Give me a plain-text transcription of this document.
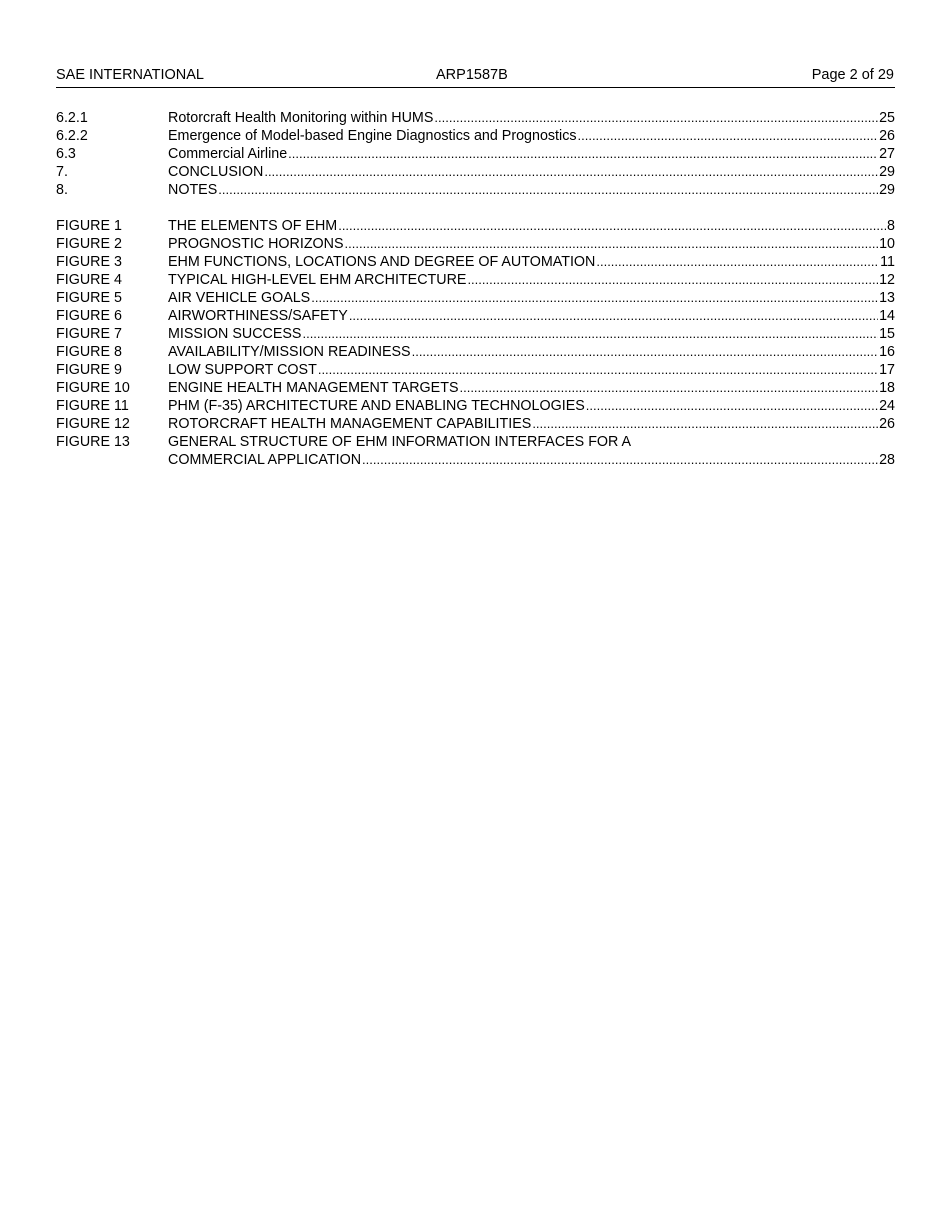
SAE INTERNATIONAL	ARP1587B	Page 2 of 29
6.2.1	Rotorcraft Health Monitoring within HUMS .....	25
6.2.2	Emergence of Model-based Engine Diagnostics and Prognostics .....	26
6.3	Commercial Airline .....	27
7.	CONCLUSION .....	29
8.	NOTES .....	29
FIGURE 1	THE ELEMENTS OF EHM .....	8
FIGURE 2	PROGNOSTIC HORIZONS .....	10
FIGURE 3	EHM FUNCTIONS, LOCATIONS AND DEGREE OF AUTOMATION .....	11
FIGURE 4	TYPICAL HIGH-LEVEL EHM ARCHITECTURE .....	12
FIGURE 5	AIR VEHICLE GOALS .....	13
FIGURE 6	AIRWORTHINESS/SAFETY .....	14
FIGURE 7	MISSION SUCCESS .....	15
FIGURE 8	AVAILABILITY/MISSION READINESS .....	16
FIGURE 9	LOW SUPPORT COST .....	17
FIGURE 10	ENGINE HEALTH MANAGEMENT TARGETS .....	18
FIGURE 11	PHM (F-35) ARCHITECTURE AND ENABLING TECHNOLOGIES .....	24
FIGURE 12	ROTORCRAFT HEALTH MANAGEMENT CAPABILITIES .....	26
FIGURE 13	GENERAL STRUCTURE OF EHM INFORMATION INTERFACES FOR A
COMMERCIAL APPLICATION .....	28
